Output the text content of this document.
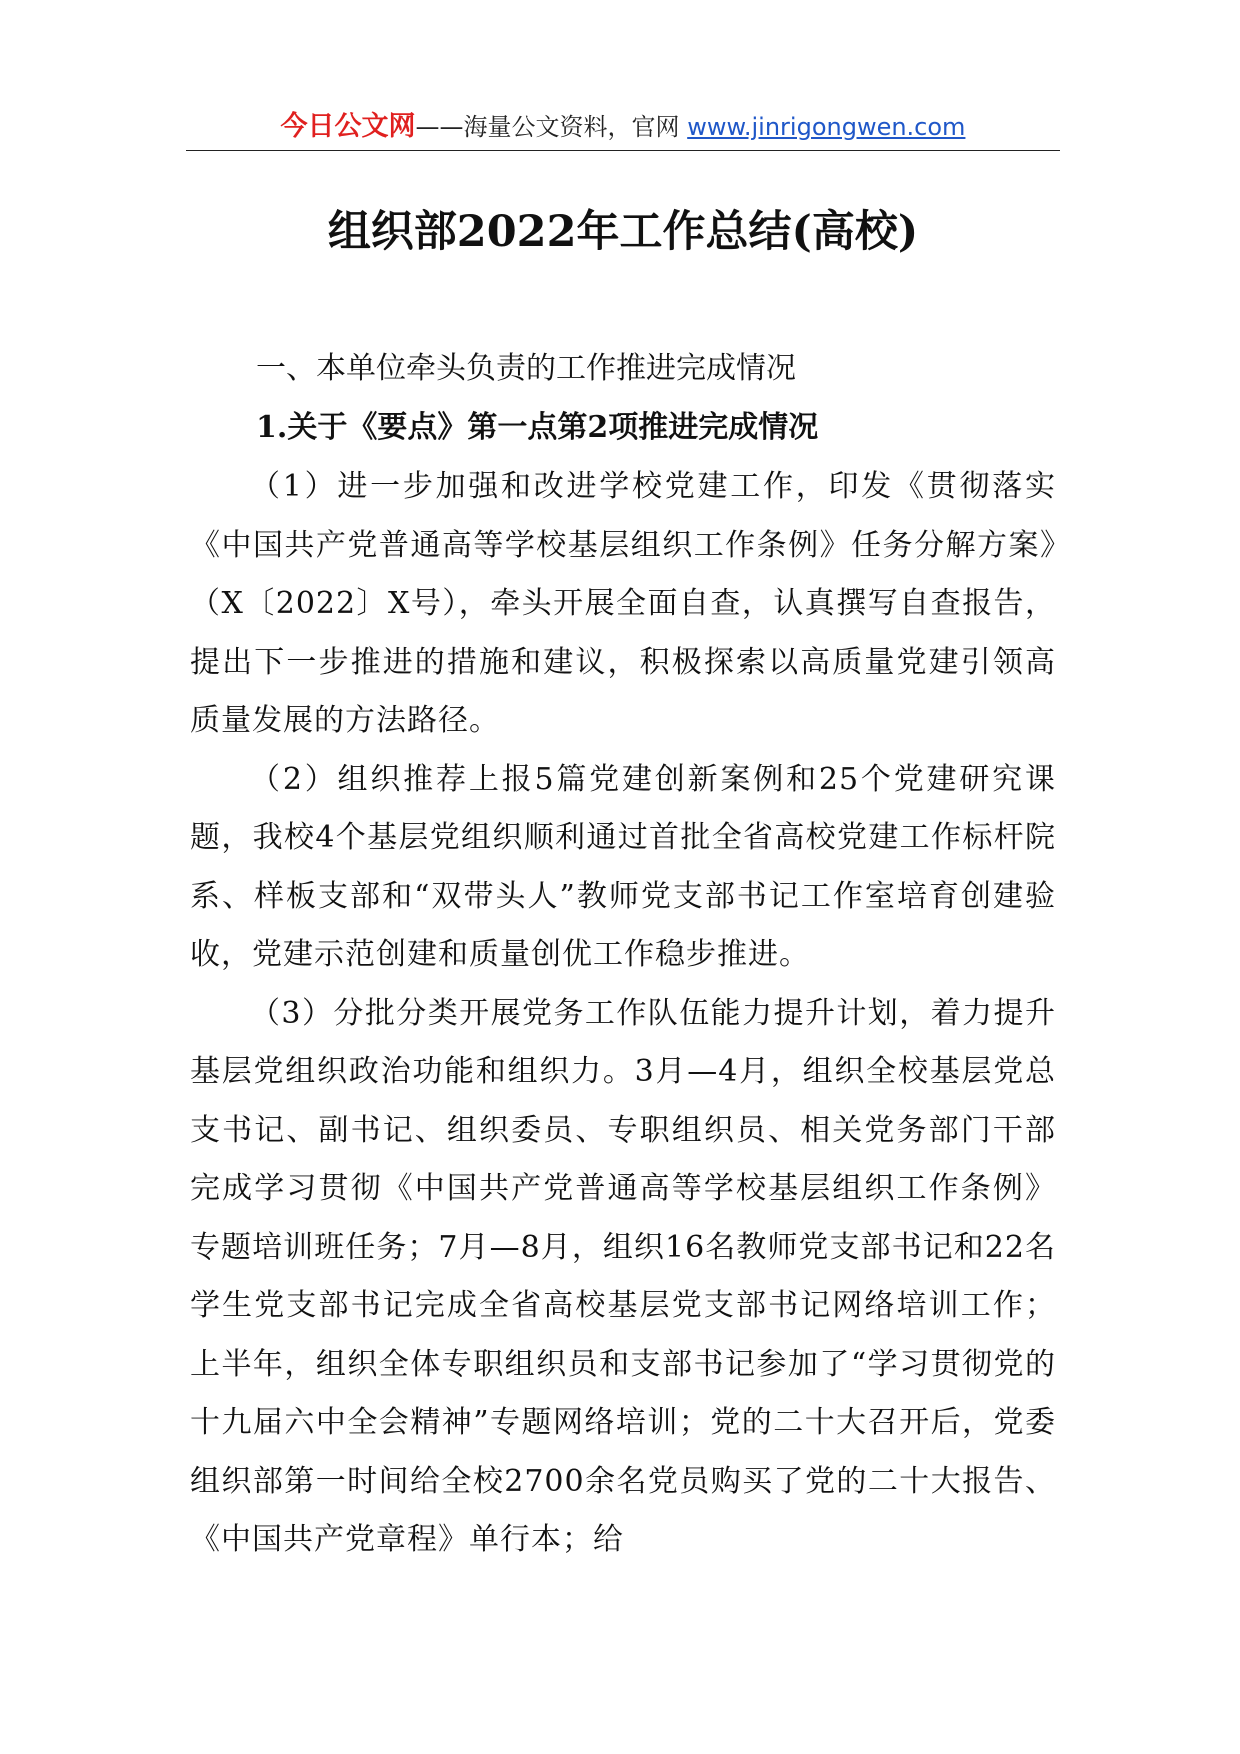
今日公文网——海量公文资料，官网 www.jinrigongwen.com
组织部2022年工作总结(高校)
一、本单位牵头负责的工作推进完成情况
1.关于《要点》第一点第2项推进完成情况

（1）进一步加强和改进学校党建工作，印发《贯彻落实《中国共产党普通高等学校基层组织工作条例》任务分解方案》（X〔2022〕X号），牵头开展全面自查，认真撰写自查报告，提出下一步推进的措施和建议，积极探索以高质量党建引领高质量发展的方法路径。

（2）组织推荐上报5篇党建创新案例和25个党建研究课题，我校4个基层党组织顺利通过首批全省高校党建工作标杆院系、样板支部和“双带头人”教师党支部书记工作室培育创建验收，党建示范创建和质量创优工作稳步推进。

（3）分批分类开展党务工作队伍能力提升计划，着力提升基层党组织政治功能和组织力。3月—4月，组织全校基层党总支书记、副书记、组织委员、专职组织员、相关党务部门干部完成学习贯彻《中国共产党普通高等学校基层组织工作条例》专题培训班任务；7月—8月，组织16名教师党支部书记和22名学生党支部书记完成全省高校基层党支部书记网络培训工作；上半年，组织全体专职组织员和支部书记参加了“学习贯彻党的十九届六中全会精神”专题网络培训；党的二十大召开后，党委组织部第一时间给全校2700余名党员购买了党的二十大报告、《中国共产党章程》单行本；给
